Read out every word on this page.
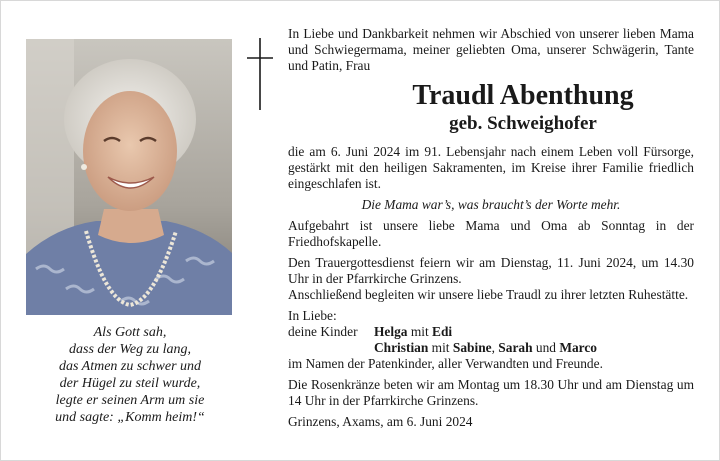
Als Gott sah,
dass der Weg zu lang,
das Atmen zu schwer und
der Hügel zu steil wurde,
legte er seinen Arm um sie
und sagte: „Komm heim!“

In Liebe und Dankbarkeit nehmen wir Abschied von unserer lieben Mama und Schwiegermama, meiner geliebten Oma, unserer Schwägerin, Tante und Patin, Frau

Traudl Abenthung
geb. Schweighofer

die am 6. Juni 2024 im 91. Lebensjahr nach einem Leben voll Fürsorge, gestärkt mit den heiligen Sakramenten, im Kreise ihrer Familie friedlich eingeschlafen ist.

Die Mama war’s, was braucht’s der Worte mehr.

Aufgebahrt ist unsere liebe Mama und Oma ab Sonntag in der Friedhofskapelle.

Den Trauergottesdienst feiern wir am Dienstag, 11. Juni 2024, um 14.30 Uhr in der Pfarrkirche Grinzens.

Anschließend begleiten wir unsere liebe Traudl zu ihrer letzten Ruhestätte.

In Liebe:
deine Kinder	Helga mit Edi
Christian mit Sabine, Sarah und Marco

im Namen der Patenkinder, aller Verwandten und Freunde.

Die Rosenkränze beten wir am Montag um 18.30 Uhr und am Dienstag um 14 Uhr in der Pfarrkirche Grinzens.

Grinzens, Axams, am 6. Juni 2024
